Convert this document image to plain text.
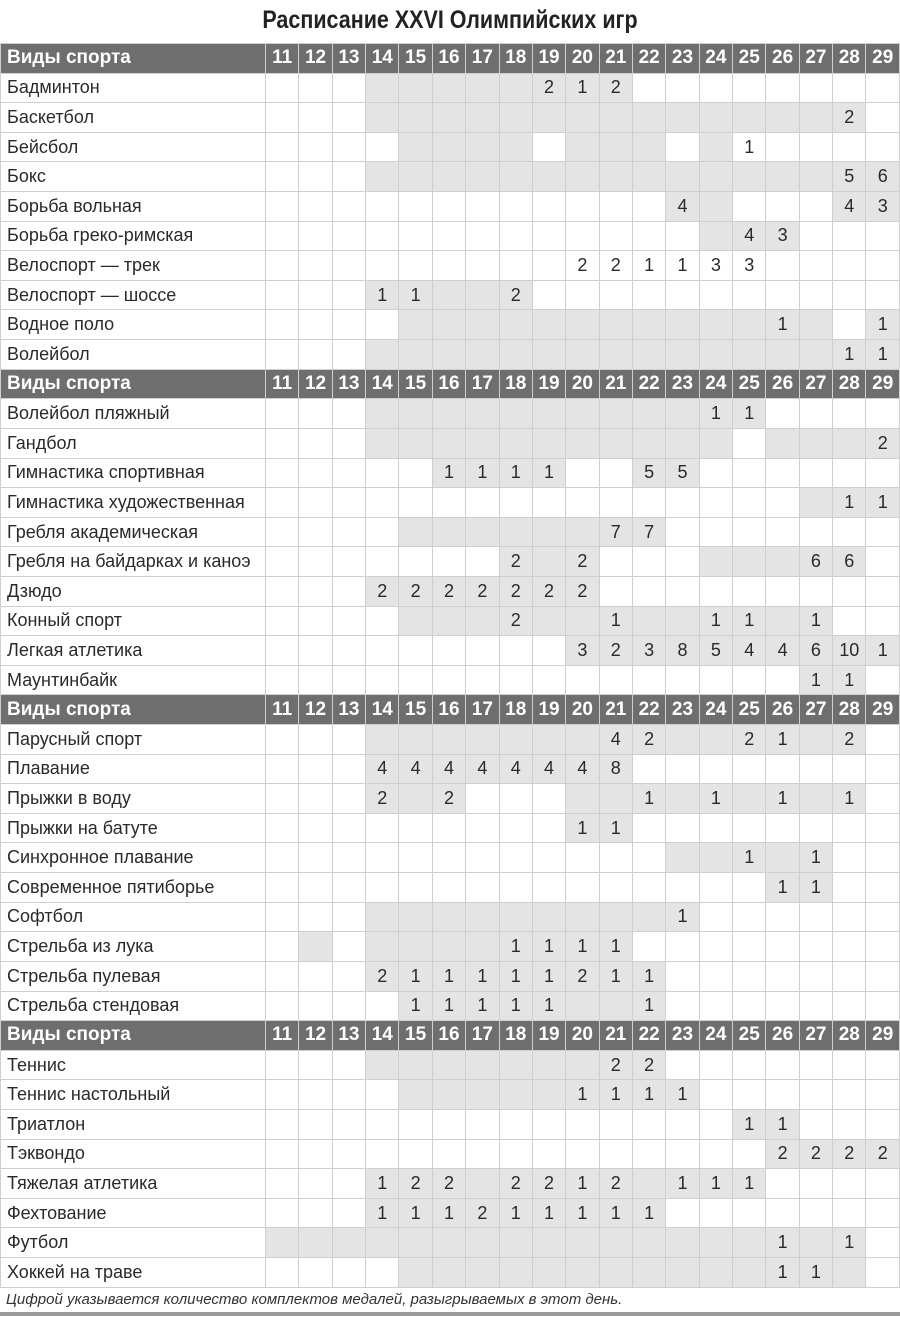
Расписание XXVI Олимпийских игр
Виды спорта	11	12	13	14	15	16	17	18	19	20	21	22	23	24	25	26	27	28	29
Бадминтон									2	1	2								
Баскетбол																		2	
Бейсбол															1				
Бокс																		5	6
Борьба вольная													4					4	3
Борьба греко-римская															4	3			
Велоспорт — трек										2	2	1	1	3	3				
Велоспорт — шоссе				1	1			2											
Водное поло																1			1
Волейбол																		1	1
Виды спорта	11	12	13	14	15	16	17	18	19	20	21	22	23	24	25	26	27	28	29
Волейбол пляжный														1	1				
Гандбол																			2
Гимнастика спортивная						1	1	1	1			5	5						
Гимнастика художественная																		1	1
Гребля академическая											7	7							
Гребля на байдарках и каноэ								2		2							6	6	
Дзюдо				2	2	2	2	2	2	2									
Конный спорт								2			1			1	1		1		
Легкая атлетика										3	2	3	8	5	4	4	6	10	1
Маунтинбайк																	1	1	
Виды спорта	11	12	13	14	15	16	17	18	19	20	21	22	23	24	25	26	27	28	29
Парусный спорт											4	2			2	1		2	
Плавание				4	4	4	4	4	4	4	8								
Прыжки в воду				2		2						1		1		1		1	
Прыжки на батуте										1	1								
Синхронное плавание															1		1		
Современное пятиборье																1	1		
Софтбол													1						
Стрельба из лука								1	1	1	1								
Стрельба пулевая				2	1	1	1	1	1	2	1	1							
Стрельба стендовая					1	1	1	1	1			1							
Виды спорта	11	12	13	14	15	16	17	18	19	20	21	22	23	24	25	26	27	28	29
Теннис											2	2							
Теннис настольный										1	1	1	1						
Триатлон															1	1			
Тэквондо																2	2	2	2
Тяжелая атлетика				1	2	2		2	2	1	2		1	1	1				
Фехтование				1	1	1	2	1	1	1	1	1							
Футбол																1		1	
Хоккей на траве																1	1		
Цифрой указывается количество комплектов медалей, разыгрываемых в этот день.
